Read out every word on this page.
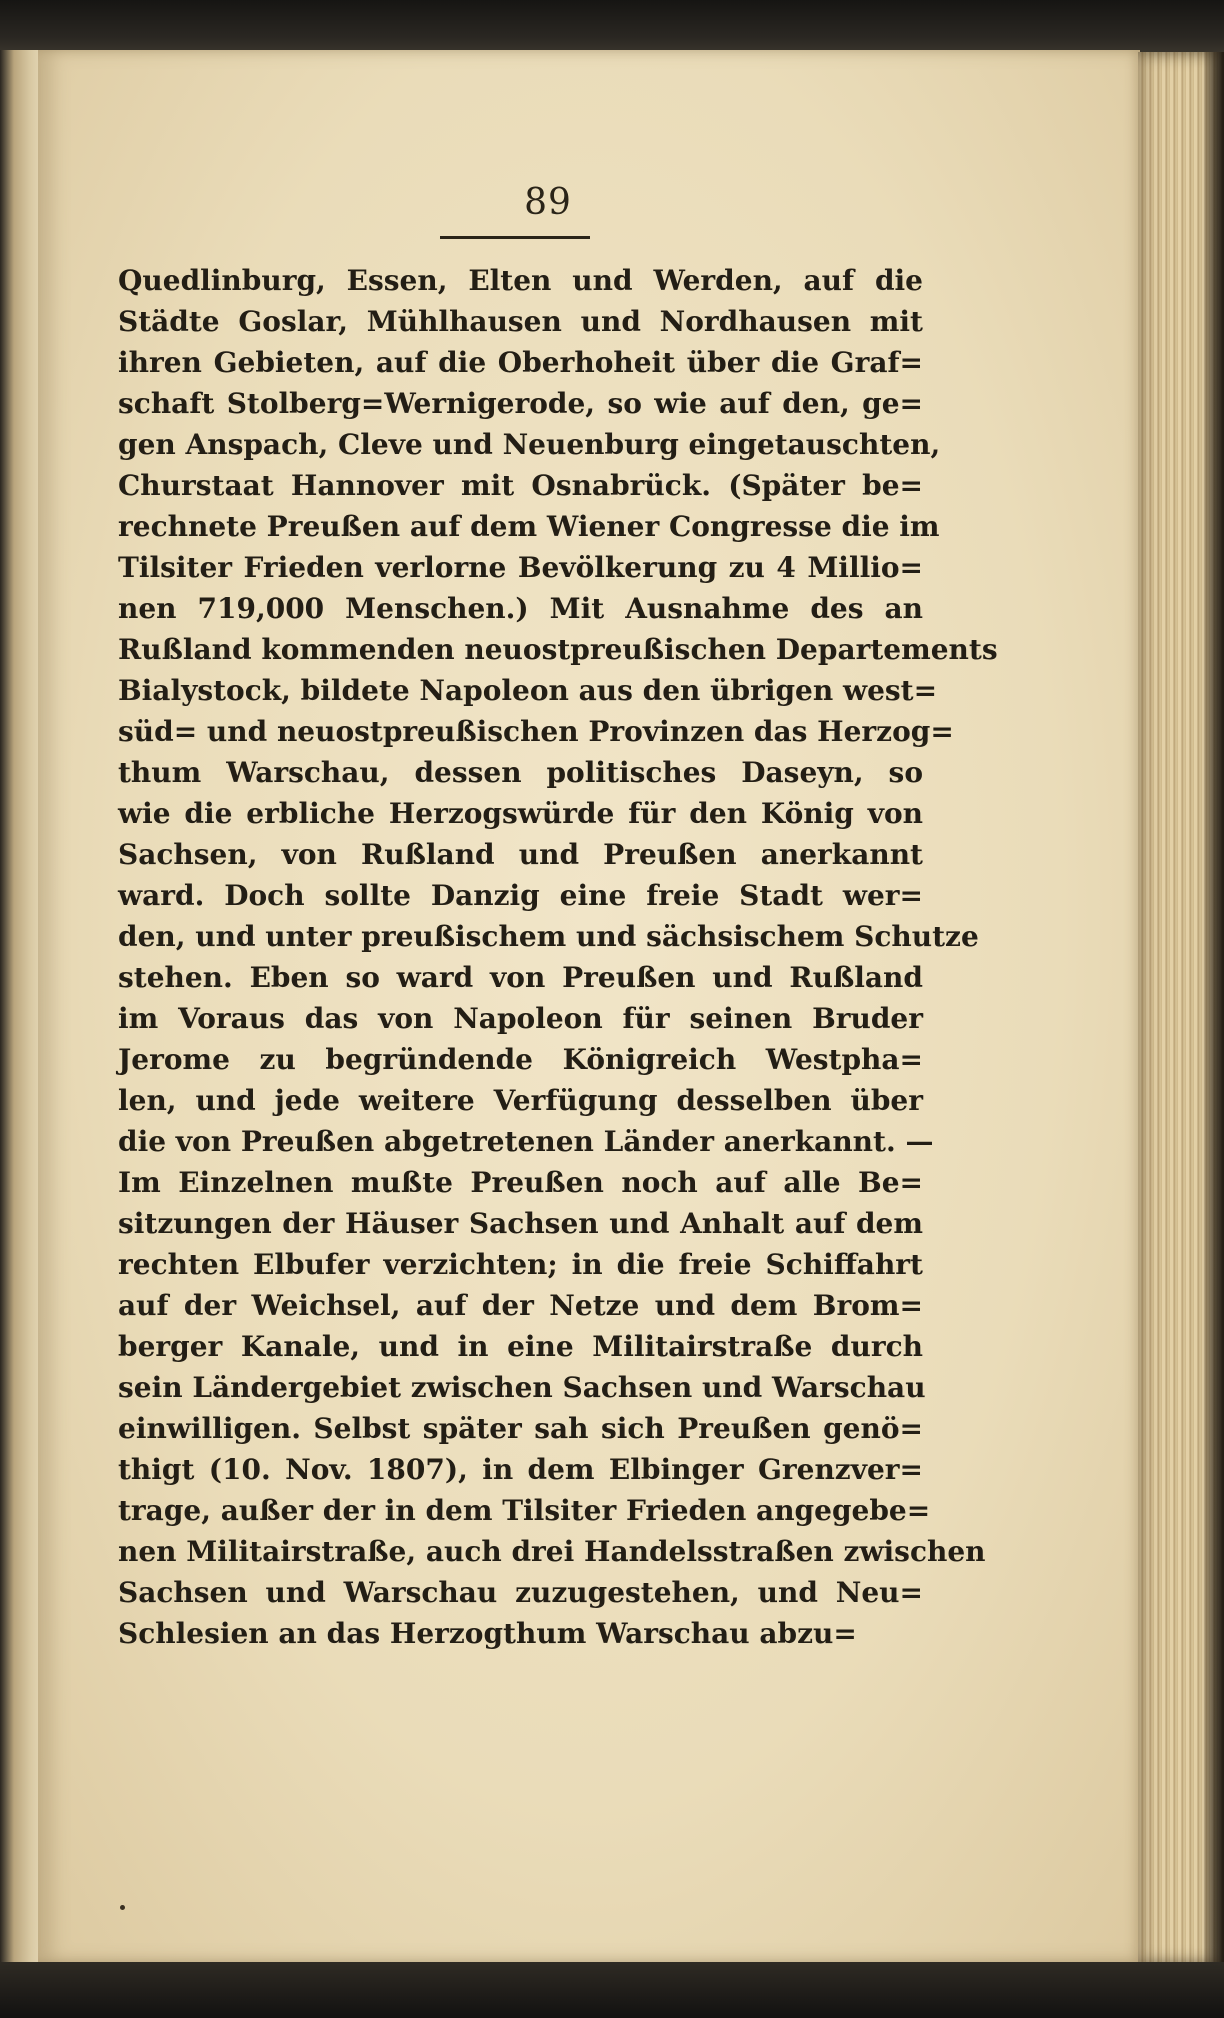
89
Quedlinburg, Essen, Elten und Werden, auf die
Städte Goslar, Mühlhausen und Nordhausen mit
ihren Gebieten, auf die Oberhoheit über die Graf=
schaft Stolberg=Wernigerode, so wie auf den, ge=
gen Anspach, Cleve und Neuenburg eingetauschten,
Churstaat Hannover mit Osnabrück. (Später be=
rechnete Preußen auf dem Wiener Congresse die im
Tilsiter Frieden verlorne Bevölkerung zu 4 Millio=
nen 719,000 Menschen.) Mit Ausnahme des an
Rußland kommenden neuostpreußischen Departements
Bialystock, bildete Napoleon aus den übrigen west=
süd= und neuostpreußischen Provinzen das Herzog=
thum Warschau, dessen politisches Daseyn, so
wie die erbliche Herzogswürde für den König von
Sachsen, von Rußland und Preußen anerkannt
ward. Doch sollte Danzig eine freie Stadt wer=
den, und unter preußischem und sächsischem Schutze
stehen. Eben so ward von Preußen und Rußland
im Voraus das von Napoleon für seinen Bruder
Jerome zu begründende Königreich Westpha=
len, und jede weitere Verfügung desselben über
die von Preußen abgetretenen Länder anerkannt. —
Im Einzelnen mußte Preußen noch auf alle Be=
sitzungen der Häuser Sachsen und Anhalt auf dem
rechten Elbufer verzichten; in die freie Schiffahrt
auf der Weichsel, auf der Netze und dem Brom=
berger Kanale, und in eine Militairstraße durch
sein Ländergebiet zwischen Sachsen und Warschau
einwilligen. Selbst später sah sich Preußen genö=
thigt (10. Nov. 1807), in dem Elbinger Grenzver=
trage, außer der in dem Tilsiter Frieden angegebe=
nen Militairstraße, auch drei Handelsstraßen zwischen
Sachsen und Warschau zuzugestehen, und Neu=
Schlesien an das Herzogthum Warschau abzu=
